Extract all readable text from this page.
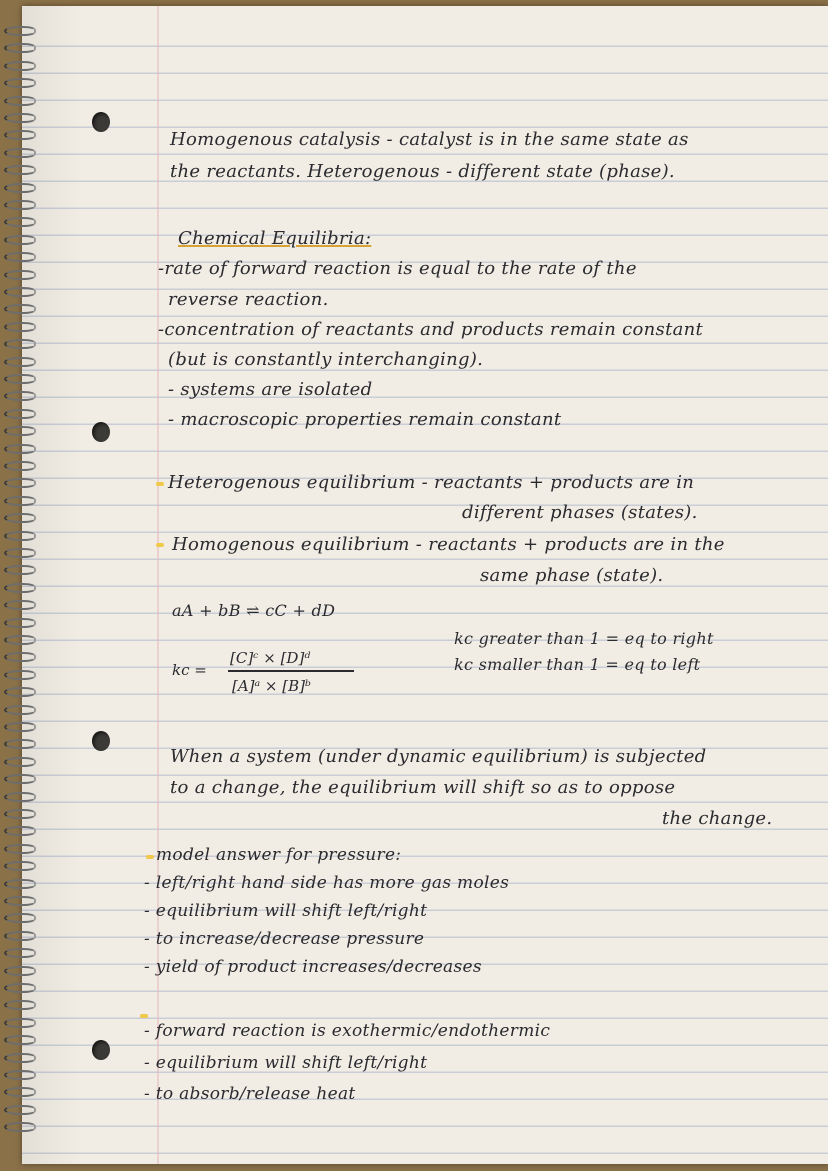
Homogenous catalysis - catalyst is in the same state as
the reactants. Heterogenous - different state (phase).
Chemical Equilibria:
-rate of forward reaction is equal to the rate of the
reverse reaction.
-concentration of reactants and products remain constant
(but is constantly interchanging).
- systems are isolated
- macroscopic properties remain constant
Heterogenous equilibrium - reactants + products are in
different phases (states).
Homogenous equilibrium - reactants + products are in the
same phase (state).
aA + bB ⇌ cC + dD
kc greater than 1 = eq to right
kc smaller than 1 = eq to left
kc =
[C]ᶜ × [D]ᵈ
[A]ᵃ × [B]ᵇ
When a system (under dynamic equilibrium) is subjected
to a change, the equilibrium will shift so as to oppose
the change.
model answer for pressure:
- left/right hand side has more gas moles
- equilibrium will shift left/right
- to increase/decrease pressure
- yield of product increases/decreases
- forward reaction is exothermic/endothermic
- equilibrium will shift left/right
- to absorb/release heat
